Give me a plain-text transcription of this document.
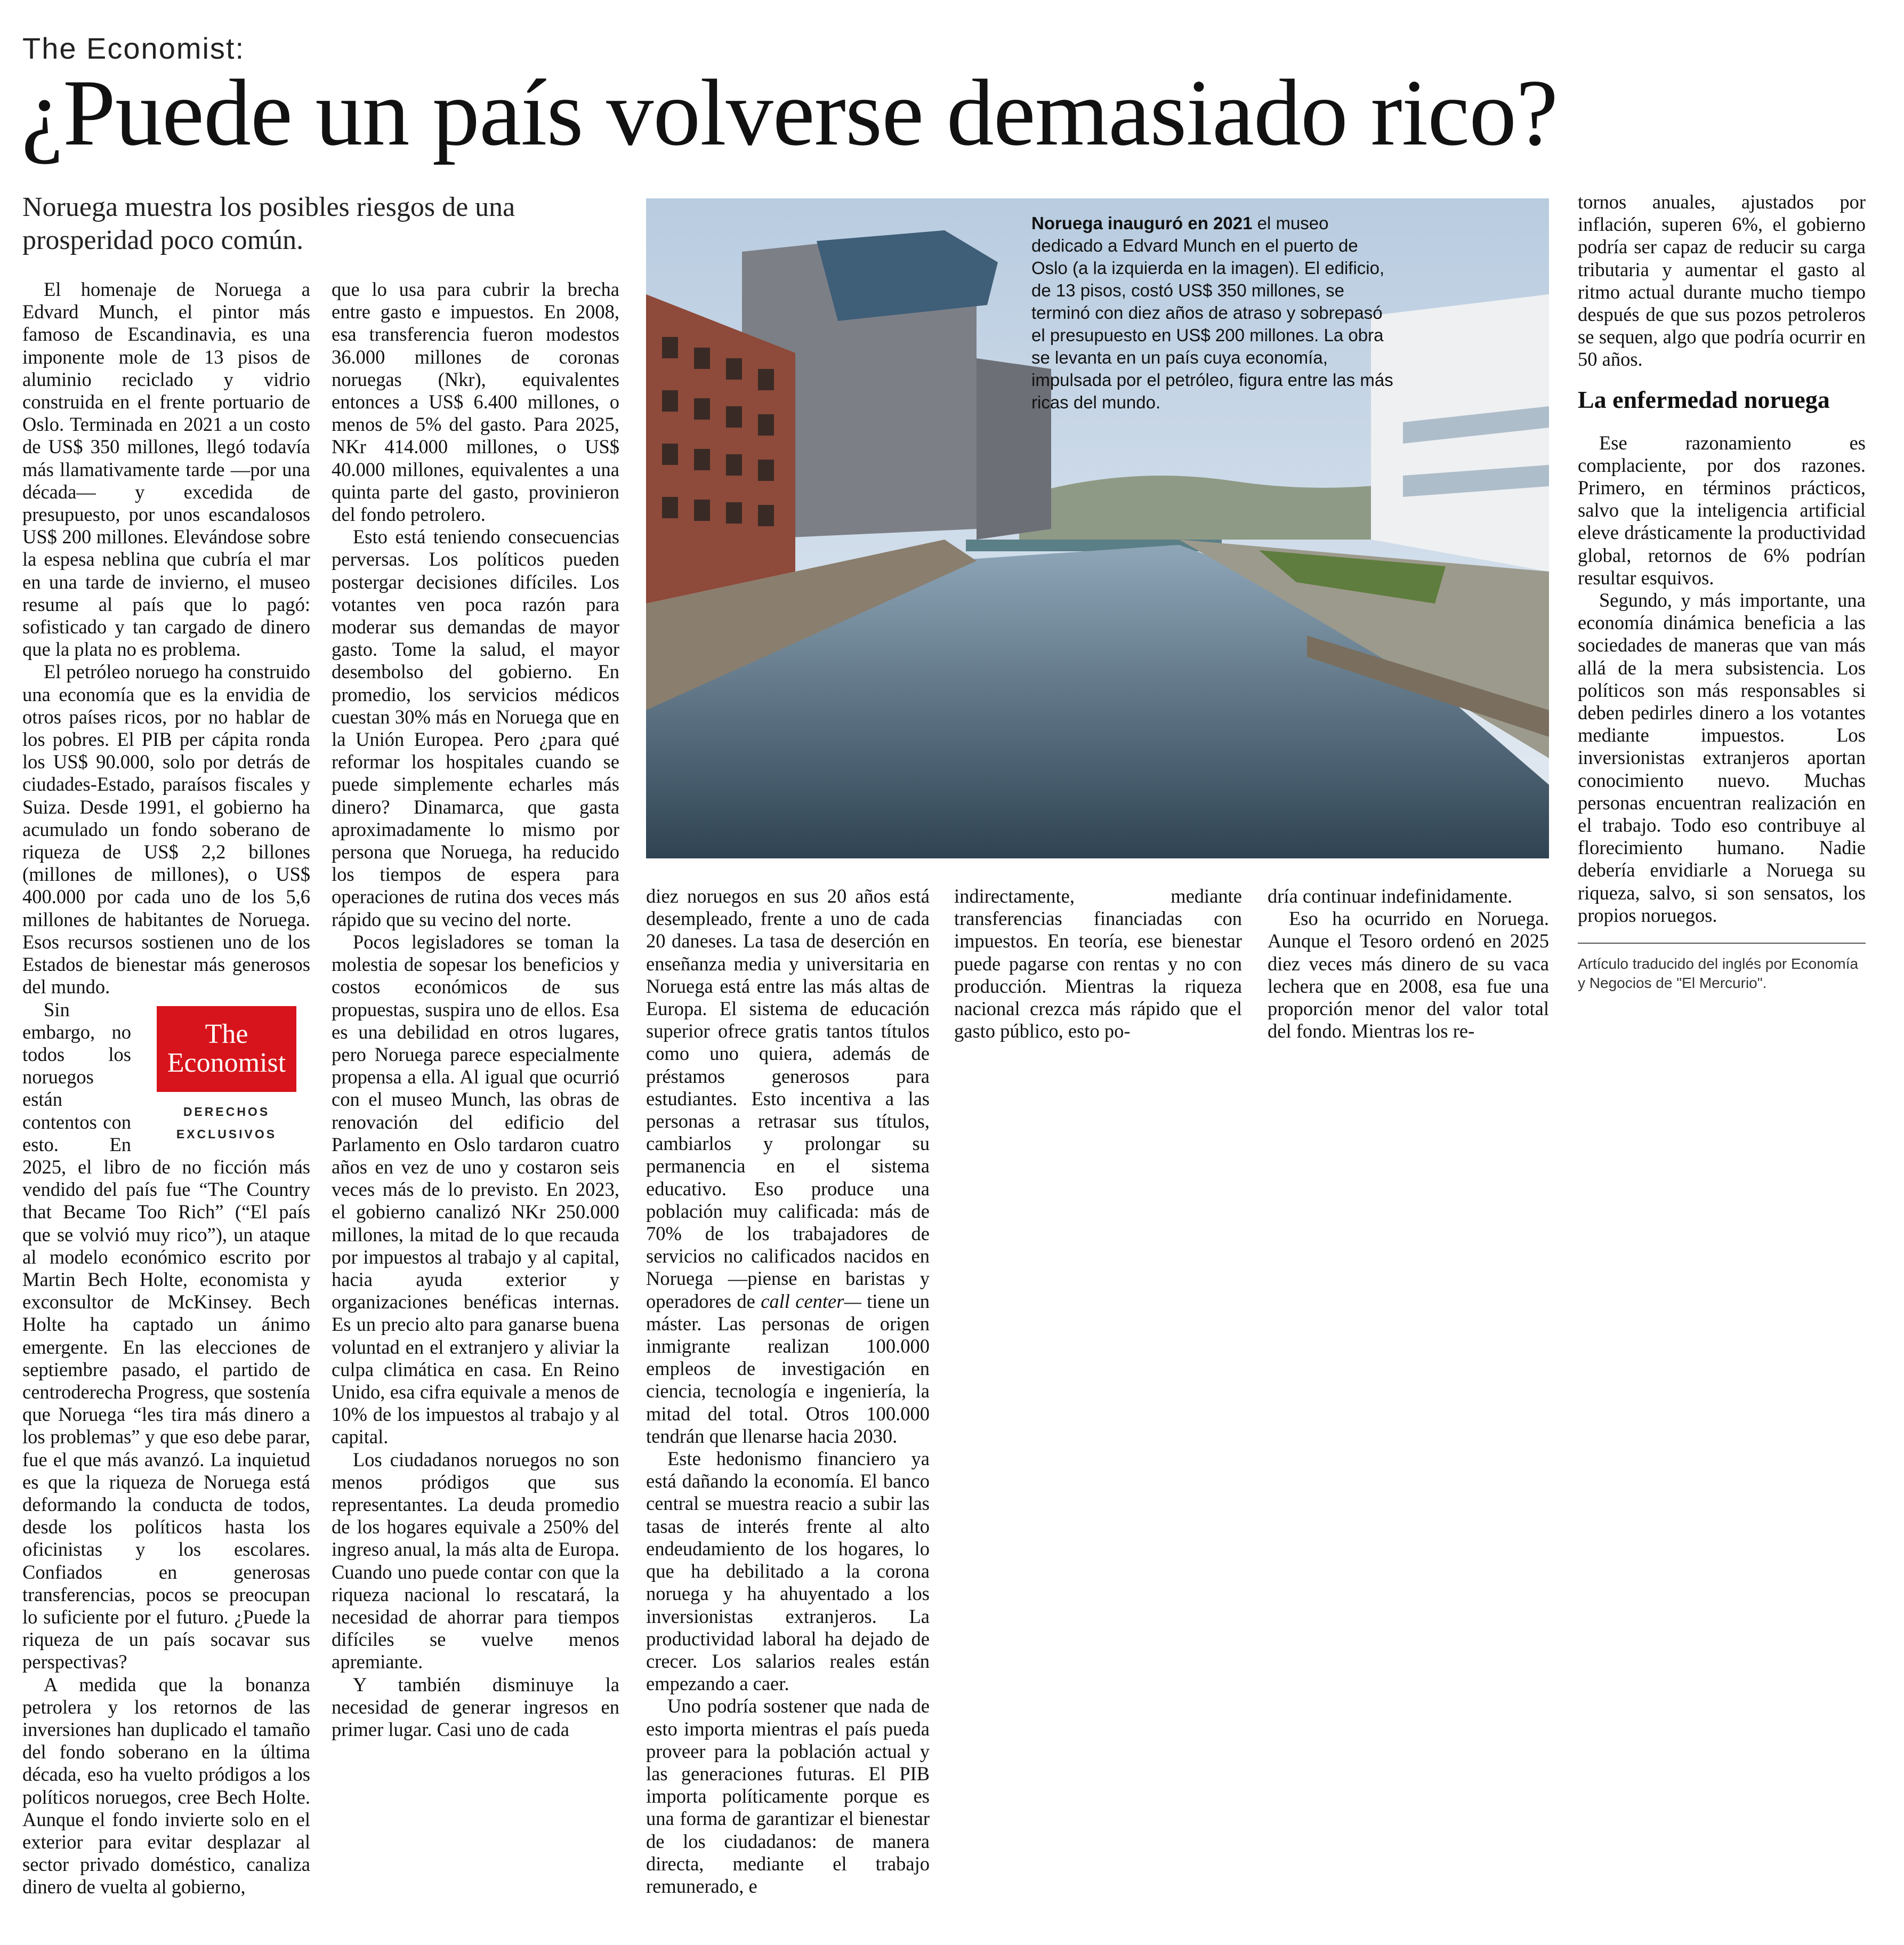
The Economist:
¿Puede un país volverse demasiado rico?
Noruega muestra los posibles riesgos de una prosperidad poco común.

El homenaje de Noruega a Edvard Munch, el pintor más famoso de Escandinavia, es una imponente mole de 13 pisos de aluminio reciclado y vidrio construida en el frente portuario de Oslo. Terminada en 2021 a un costo de US$ 350 millones, llegó todavía más llamativamente tarde —por una década— y excedida de presupuesto, por unos escandalosos US$ 200 millones. Elevándose sobre la espesa neblina que cubría el mar en una tarde de invierno, el museo resume al país que lo pagó: sofisticado y tan cargado de dinero que la plata no es problema.

El petróleo noruego ha construido una economía que es la envidia de otros países ricos, por no hablar de los pobres. El PIB per cápita ronda los US$ 90.000, solo por detrás de ciudades-Estado, paraísos fiscales y Suiza. Desde 1991, el gobierno ha acumulado un fondo soberano de riqueza de US$ 2,2 billones (millones de millones), o US$ 400.000 por cada uno de los 5,6 millones de habitantes de Noruega. Esos recursos sostienen uno de los Estados de bienestar más generosos del mundo.

The
Economist
DERECHOS EXCLUSIVOS
Sin embargo, no todos los noruegos están contentos con esto. En 2025, el libro de no ficción más vendido del país fue “The Country that Became Too Rich” (“El país que se volvió muy rico”), un ataque al modelo económico escrito por Martin Bech Holte, economista y exconsultor de McKinsey. Bech Holte ha captado un ánimo emergente. En las elecciones de septiembre pasado, el partido de centroderecha Progress, que sostenía que Noruega “les tira más dinero a los problemas” y que eso debe parar, fue el que más avanzó. La inquietud es que la riqueza de Noruega está deformando la conducta de todos, desde los políticos hasta los oficinistas y los escolares. Confiados en generosas transferencias, pocos se preocupan lo suficiente por el futuro. ¿Puede la riqueza de un país socavar sus perspectivas?

A medida que la bonanza petrolera y los retornos de las inversiones han duplicado el tamaño del fondo soberano en la última década, eso ha vuelto pródigos a los políticos noruegos, cree Bech Holte. Aunque el fondo invierte solo en el exterior para evitar desplazar al sector privado doméstico, canaliza dinero de vuelta al gobierno,

que lo usa para cubrir la brecha entre gasto e impuestos. En 2008, esa transferencia fueron modestos 36.000 millones de coronas noruegas (Nkr), equivalentes entonces a US$ 6.400 millones, o menos de 5% del gasto. Para 2025, NKr 414.000 millones, o US$ 40.000 millones, equivalentes a una quinta parte del gasto, provinieron del fondo petrolero.

Esto está teniendo consecuencias perversas. Los políticos pueden postergar decisiones difíciles. Los votantes ven poca razón para moderar sus demandas de mayor gasto. Tome la salud, el mayor desembolso del gobierno. En promedio, los servicios médicos cuestan 30% más en Noruega que en la Unión Europea. Pero ¿para qué reformar los hospitales cuando se puede simplemente echarles más dinero? Dinamarca, que gasta aproximadamente lo mismo por persona que Noruega, ha reducido los tiempos de espera para operaciones de rutina dos veces más rápido que su vecino del norte.

Pocos legisladores se toman la molestia de sopesar los beneficios y costos económicos de sus propuestas, suspira uno de ellos. Esa es una debilidad en otros lugares, pero Noruega parece especialmente propensa a ella. Al igual que ocurrió con el museo Munch, las obras de renovación del edificio del Parlamento en Oslo tardaron cuatro años en vez de uno y costaron seis veces más de lo previsto. En 2023, el gobierno canalizó NKr 250.000 millones, la mitad de lo que recauda por impuestos al trabajo y al capital, hacia ayuda exterior y organizaciones benéficas internas. Es un precio alto para ganarse buena voluntad en el extranjero y aliviar la culpa climática en casa. En Reino Unido, esa cifra equivale a menos de 10% de los impuestos al trabajo y al capital.

Los ciudadanos noruegos no son menos pródigos que sus representantes. La deuda promedio de los hogares equivale a 250% del ingreso anual, la más alta de Europa. Cuando uno puede contar con que la riqueza nacional lo rescatará, la necesidad de ahorrar para tiempos difíciles se vuelve menos apremiante.

Y también disminuye la necesidad de generar ingresos en primer lugar. Casi uno de cada

Noruega inauguró en 2021 el museo dedicado a Edvard Munch en el puerto de Oslo (a la izquierda en la imagen). El edificio, de 13 pisos, costó US$ 350 millones, se terminó con diez años de atraso y sobrepasó el presupuesto en US$ 200 millones. La obra se levanta en un país cuya economía, impulsada por el petróleo, figura entre las más ricas del mundo.

diez noruegos en sus 20 años está desempleado, frente a uno de cada 20 daneses. La tasa de deserción en enseñanza media y universitaria en Noruega está entre las más altas de Europa. El sistema de educación superior ofrece gratis tantos títulos como uno quiera, además de préstamos generosos para estudiantes. Esto incentiva a las personas a retrasar sus títulos, cambiarlos y prolongar su permanencia en el sistema educativo. Eso produce una población muy calificada: más de 70% de los trabajadores de servicios no calificados nacidos en Noruega —piense en baristas y operadores de call center— tiene un máster. Las personas de origen inmigrante realizan 100.000 empleos de investigación en ciencia, tecnología e ingeniería, la mitad del total. Otros 100.000 tendrán que llenarse hacia 2030.

Este hedonismo financiero ya está dañando la economía. El banco central se muestra reacio a subir las tasas de interés frente al alto endeudamiento de los hogares, lo que ha debilitado a la corona noruega y ha ahuyentado a los inversionistas extranjeros. La productividad laboral ha dejado de crecer. Los salarios reales están empezando a caer.

Uno podría sostener que nada de esto importa mientras el país pueda proveer para la población actual y las generaciones futuras. El PIB importa políticamente porque es una forma de garantizar el bienestar de los ciudadanos: de manera directa, mediante el trabajo remunerado, e

indirectamente, mediante transferencias financiadas con impuestos. En teoría, ese bienestar puede pagarse con rentas y no con producción. Mientras la riqueza nacional crezca más rápido que el gasto público, esto po-

dría continuar indefinidamente.

Eso ha ocurrido en Noruega. Aunque el Tesoro ordenó en 2025 diez veces más dinero de su vaca lechera que en 2008, esa fue una proporción menor del valor total del fondo. Mientras los re-

tornos anuales, ajustados por inflación, superen 6%, el gobierno podría ser capaz de reducir su carga tributaria y aumentar el gasto al ritmo actual durante mucho tiempo después de que sus pozos petroleros se sequen, algo que podría ocurrir en 50 años.

La enfermedad noruega

Ese razonamiento es complaciente, por dos razones. Primero, en términos prácticos, salvo que la inteligencia artificial eleve drásticamente la productividad global, retornos de 6% podrían resultar esquivos.

Segundo, y más importante, una economía dinámica beneficia a las sociedades de maneras que van más allá de la mera subsistencia. Los políticos son más responsables si deben pedirles dinero a los votantes mediante impuestos. Los inversionistas extranjeros aportan conocimiento nuevo. Muchas personas encuentran realización en el trabajo. Todo eso contribuye al florecimiento humano. Nadie debería envidiarle a Noruega su riqueza, salvo, si son sensatos, los propios noruegos.

Artículo traducido del inglés por Economía y Negocios de "El Mercurio".
